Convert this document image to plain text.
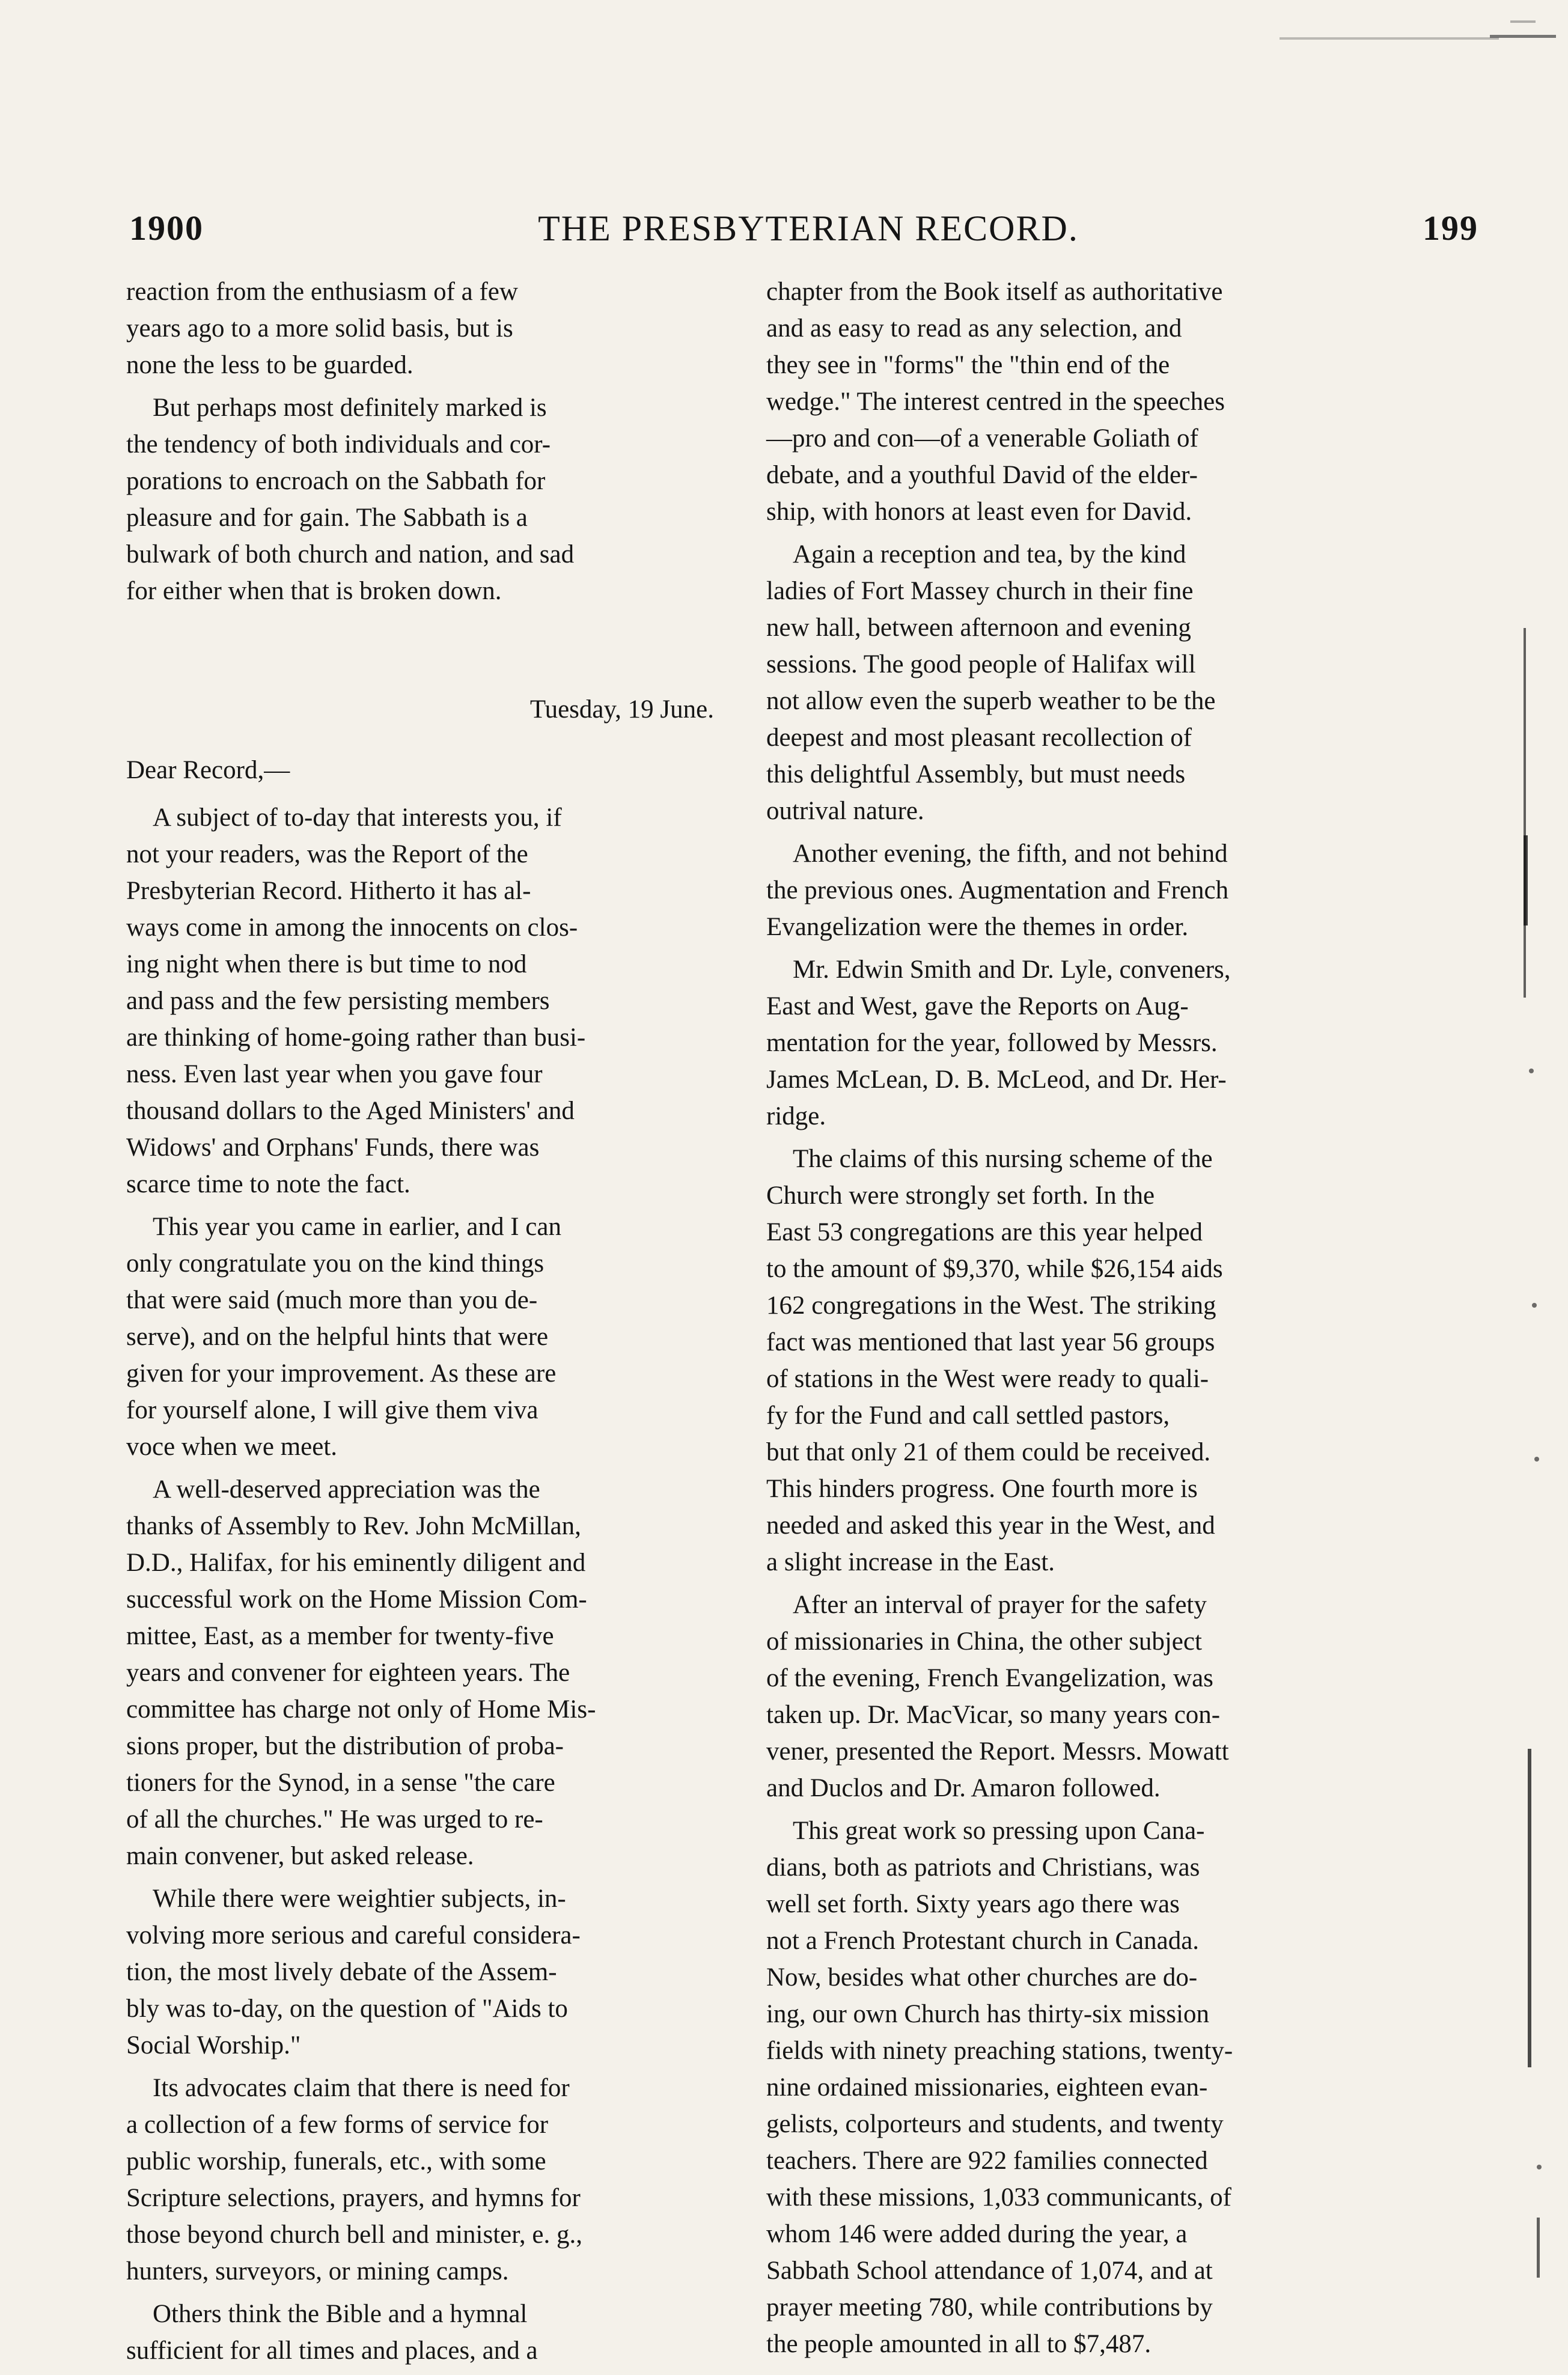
1900	THE PRESBYTERIAN RECORD.	199

reaction from the enthusiasm of a few
years ago to a more solid basis, but is
none the less to be guarded.

But perhaps most definitely marked is
the tendency of both individuals and cor-
porations to encroach on the Sabbath for
pleasure and for gain. The Sabbath is a
bulwark of both church and nation, and sad
for either when that is broken down.

Tuesday, 19 June.

Dear Record,—

A subject of to-day that interests you, if
not your readers, was the Report of the
Presbyterian Record. Hitherto it has al-
ways come in among the innocents on clos-
ing night when there is but time to nod
and pass and the few persisting members
are thinking of home-going rather than busi-
ness. Even last year when you gave four
thousand dollars to the Aged Ministers' and
Widows' and Orphans' Funds, there was
scarce time to note the fact.

This year you came in earlier, and I can
only congratulate you on the kind things
that were said (much more than you de-
serve), and on the helpful hints that were
given for your improvement. As these are
for yourself alone, I will give them viva
voce when we meet.

A well-deserved appreciation was the
thanks of Assembly to Rev. John McMillan,
D.D., Halifax, for his eminently diligent and
successful work on the Home Mission Com-
mittee, East, as a member for twenty-five
years and convener for eighteen years. The
committee has charge not only of Home Mis-
sions proper, but the distribution of proba-
tioners for the Synod, in a sense "the care
of all the churches." He was urged to re-
main convener, but asked release.

While there were weightier subjects, in-
volving more serious and careful considera-
tion, the most lively debate of the Assem-
bly was to-day, on the question of "Aids to
Social Worship."

Its advocates claim that there is need for
a collection of a few forms of service for
public worship, funerals, etc., with some
Scripture selections, prayers, and hymns for
those beyond church bell and minister, e. g.,
hunters, surveyors, or mining camps.

Others think the Bible and a hymnal
sufficient for all times and places, and a

chapter from the Book itself as authoritative
and as easy to read as any selection, and
they see in "forms" the "thin end of the
wedge." The interest centred in the speeches
—pro and con—of a venerable Goliath of
debate, and a youthful David of the elder-
ship, with honors at least even for David.

Again a reception and tea, by the kind
ladies of Fort Massey church in their fine
new hall, between afternoon and evening
sessions. The good people of Halifax will
not allow even the superb weather to be the
deepest and most pleasant recollection of
this delightful Assembly, but must needs
outrival nature.

Another evening, the fifth, and not behind
the previous ones. Augmentation and French
Evangelization were the themes in order.

Mr. Edwin Smith and Dr. Lyle, conveners,
East and West, gave the Reports on Aug-
mentation for the year, followed by Messrs.
James McLean, D. B. McLeod, and Dr. Her-
ridge.

The claims of this nursing scheme of the
Church were strongly set forth. In the
East 53 congregations are this year helped
to the amount of $9,370, while $26,154 aids
162 congregations in the West. The striking
fact was mentioned that last year 56 groups
of stations in the West were ready to quali-
fy for the Fund and call settled pastors,
but that only 21 of them could be received.
This hinders progress. One fourth more is
needed and asked this year in the West, and
a slight increase in the East.

After an interval of prayer for the safety
of missionaries in China, the other subject
of the evening, French Evangelization, was
taken up. Dr. MacVicar, so many years con-
vener, presented the Report. Messrs. Mowatt
and Duclos and Dr. Amaron followed.

This great work so pressing upon Cana-
dians, both as patriots and Christians, was
well set forth. Sixty years ago there was
not a French Protestant church in Canada.
Now, besides what other churches are do-
ing, our own Church has thirty-six mission
fields with ninety preaching stations, twenty-
nine ordained missionaries, eighteen evan-
gelists, colporteurs and students, and twenty
teachers. There are 922 families connected
with these missions, 1,033 communicants, of
whom 146 were added during the year, a
Sabbath School attendance of 1,074, and at
prayer meeting 780, while contributions by
the people amounted in all to $7,487.
